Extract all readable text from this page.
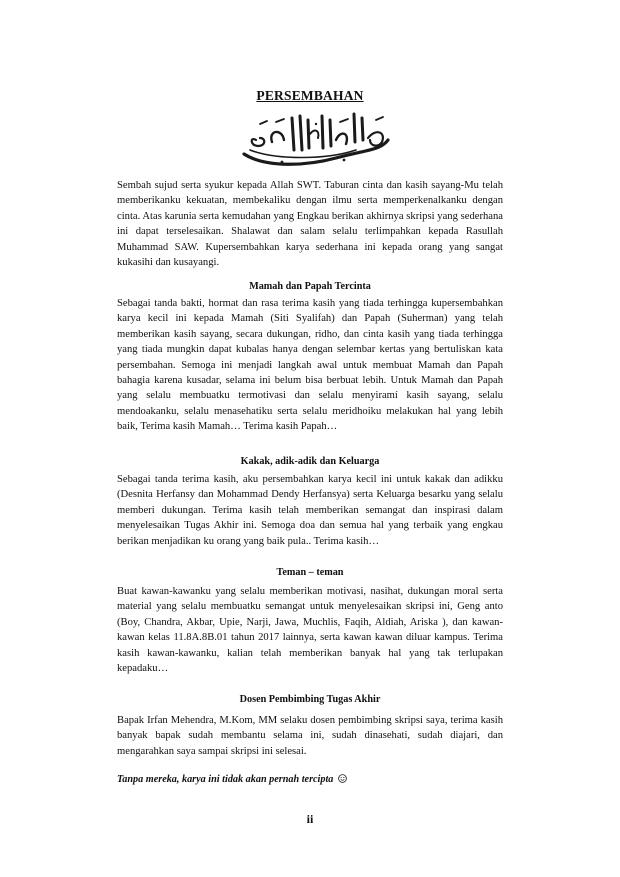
PERSEMBAHAN

Sembah sujud serta syukur kepada Allah SWT. Taburan cinta dan kasih sayang-Mu telah memberikanku kekuatan, membekaliku dengan ilmu serta memperkenalkanku dengan cinta. Atas karunia serta kemudahan yang Engkau berikan akhirnya skripsi yang sederhana ini dapat terselesaikan. Shalawat dan salam selalu terlimpahkan kepada Rasullah Muhammad SAW. Kupersembahkan karya sederhana ini kepada orang yang sangat kukasihi dan kusayangi.

Mamah dan Papah Tercinta

Sebagai tanda bakti, hormat dan rasa terima kasih yang tiada terhingga kupersembahkan karya kecil ini kepada Mamah (Siti Syalifah) dan Papah (Suherman) yang telah memberikan kasih sayang, secara dukungan, ridho, dan cinta kasih yang tiada terhingga yang tiada mungkin dapat kubalas hanya dengan selembar kertas yang bertuliskan kata persembahan. Semoga ini menjadi langkah awal untuk membuat Mamah dan Papah bahagia karena kusadar, selama ini belum bisa berbuat lebih. Untuk Mamah dan Papah yang selalu membuatku termotivasi dan selalu menyiramí kasih sayang, selalu mendoakanku, selalu menasehatiku serta selalu meridhoiku melakukan hal yang lebih baik, Terima kasih Mamah… Terima kasih Papah…

Kakak, adik-adik dan Keluarga

Sebagai tanda terima kasih, aku persembahkan karya kecil ini untuk kakak dan adikku (Desnita Herfansy dan Mohammad Dendy Herfansya) serta Keluarga besarku yang selalu memberi dukungan. Terima kasih telah memberikan semangat dan inspirasi dalam menyelesaikan Tugas Akhir ini. Semoga doa dan semua hal yang terbaik yang engkau berikan menjadikan ku orang yang baik pula.. Terima kasih…

Teman – teman

Buat kawan-kawanku yang selalu memberikan motivasi, nasihat, dukungan moral serta material yang selalu membuatku semangat untuk menyelesaikan skripsi ini, Geng anto (Boy, Chandra, Akbar, Upie, Narji, Jawa, Muchlis, Faqih, Aldiah, Ariska ), dan kawan-kawan kelas 11.8A.8B.01 tahun 2017 lainnya, serta kawan kawan diluar kampus. Terima kasih kawan-kawanku, kalian telah memberikan banyak hal yang tak terlupakan kepadaku…

Dosen Pembimbing Tugas Akhir

Bapak Irfan Mehendra, M.Kom, MM selaku dosen pembimbing skripsi saya, terima kasih banyak bapak sudah membantu selama ini, sudah dinasehati, sudah diajari, dan mengarahkan saya sampai skripsi ini selesai.

Tanpa mereka, karya ini tidak akan pernah tercipta

ii
